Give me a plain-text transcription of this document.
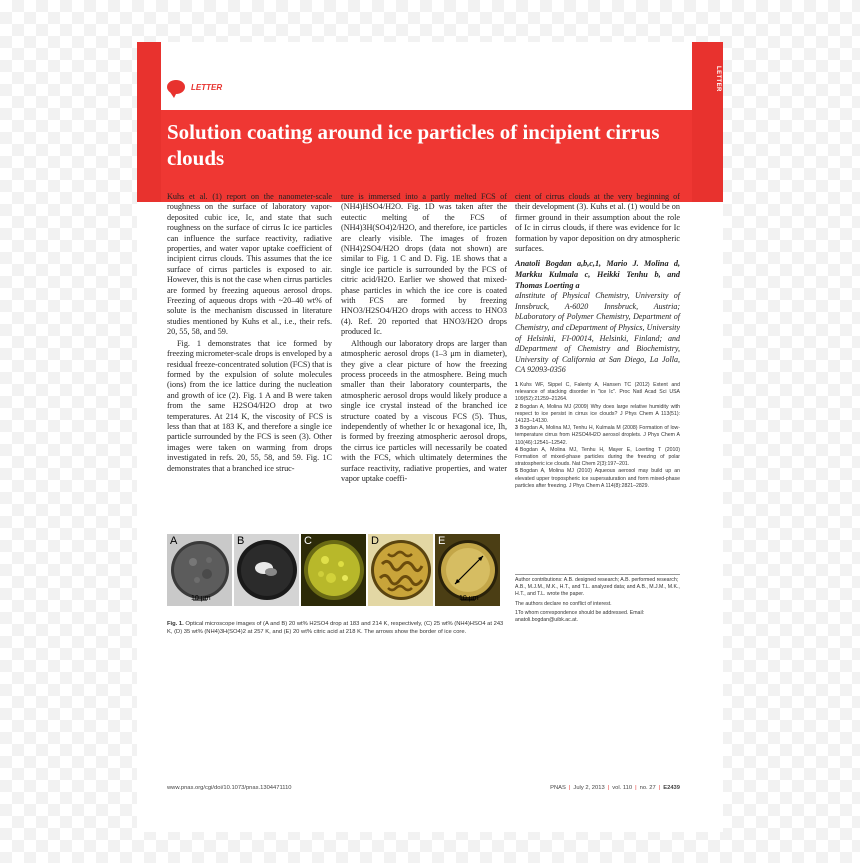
LETTER
LETTER
Solution coating around ice particles of incipient cirrus clouds

Kuhs et al. (1) report on the nanometer-scale roughness on the surface of laboratory vapor-deposited cubic ice, Ic, and state that such roughness on the surface of cirrus Ic ice particles can influence the surface reactivity, radiative properties, and water vapor uptake coefficient of incipient cirrus clouds. This assumes that the ice surface of cirrus particles is exposed to air. However, this is not the case when cirrus particles are formed by freezing aqueous aerosol drops. Freezing of aqueous drops with ~20–40 wt% of solute is the mechanism discussed in literature studies mentioned by Kuhs et al., i.e., their refs. 20, 55, 58, and 59.

Fig. 1 demonstrates that ice formed by freezing micrometer-scale drops is enveloped by a residual freeze-concentrated solution (FCS) that is formed by the expulsion of solute molecules (ions) from the ice lattice during the nucleation and growth of ice (2). Fig. 1 A and B were taken from the same H2SO4/H2O drop at two temperatures. At 214 K, the viscosity of FCS is less than that at 183 K, and therefore a single ice particle surrounded by the FCS is seen (3). Other images were taken on warming from drops investigated in refs. 20, 55, 58, and 59. Fig. 1C demonstrates that a branched ice struc-

ture is immersed into a partly melted FCS of (NH4)HSO4/H2O. Fig. 1D was taken after the eutectic melting of the FCS of (NH4)3H(SO4)2/H2O, and therefore, ice particles are clearly visible. The images of frozen (NH4)2SO4/H2O drops (data not shown) are similar to Fig. 1 C and D. Fig. 1E shows that a single ice particle is surrounded by the FCS of citric acid/H2O. Earlier we showed that mixed-phase particles in which the ice core is coated with FCS are formed by freezing HNO3/H2SO4/H2O drops with access to HNO3 (4). Ref. 20 reported that HNO3/H2O drops produced Ic.

Although our laboratory drops are larger than atmospheric aerosol drops (1–3 μm in diameter), they give a clear picture of how the freezing process proceeds in the atmosphere. Being much smaller than their laboratory counterparts, the atmospheric aerosol drops would likely produce a single ice crystal instead of the branched ice structure coated by a viscous FCS (5). Thus, independently of whether Ic or hexagonal ice, Ih, is formed by freezing atmospheric aerosol drops, the cirrus ice particles will necessarily be coated with the FCS, which ultimately determines the surface reactivity, radiative properties, and water vapor uptake coeffi-

cient of cirrus clouds at the very beginning of their development (3). Kuhs et al. (1) would be on firmer ground in their assumption about the role of Ic in cirrus clouds, if there was evidence for Ic formation by vapor deposition on dry atmospheric surfaces.

Anatoli Bogdan a,b,c,1, Mario J. Molina d, Markku Kulmala c, Heikki Tenhu b, and Thomas Loerting a
aInstitute of Physical Chemistry, University of Innsbruck, A-6020 Innsbruck, Austria; bLaboratory of Polymer Chemistry, Department of Chemistry, and cDepartment of Physics, University of Helsinki, FI-00014, Helsinki, Finland; and dDepartment of Chemistry and Biochemistry, University of California at San Diego, La Jolla, CA 92093-0356
1 Kuhs WF, Sippel C, Falenty A, Hansen TC (2012) Extent and relevance of stacking disorder in "ice Ic". Proc Natl Acad Sci USA 109(52):21259–21264.
2 Bogdan A, Molina MJ (2009) Why does large relative humidity with respect to ice persist in cirrus ice clouds? J Phys Chem A 113(51): 14123–14130.
3 Bogdan A, Molina MJ, Tenhu H, Kulmala M (2008) Formation of low-temperature cirrus from H2SO4/H2O aerosol droplets. J Phys Chem A 110(46):12541–12542.
4 Bogdan A, Molina MJ, Tenhu H, Mayer E, Loerting T (2010) Formation of mixed-phase particles during the freezing of polar stratospheric ice clouds. Nat Chem 2(3):197–201.
5 Bogdan A, Molina MJ (2010) Aqueous aerosol may build up an elevated upper tropospheric ice supersaturation and form mixed-phase particles after freezing. J Phys Chem A 114(8):2821–2829.
A
10 μm
B	C	D	E
10 μm
Fig. 1. Optical microscope images of (A and B) 20 wt% H2SO4 drop at 183 and 214 K, respectively, (C) 25 wt% (NH4)HSO4 at 243 K, (D) 35 wt% (NH4)3H(SO4)2 at 257 K, and (E) 20 wt% citric acid at 218 K. The arrows show the border of ice core.

Author contributions: A.B. designed research; A.B. performed research; A.B., M.J.M., M.K., H.T., and T.L. analyzed data; and A.B., M.J.M., M.K., H.T., and T.L. wrote the paper.

The authors declare no conflict of interest.

1To whom correspondence should be addressed. Email: anatoli.bogdan@uibk.ac.at.

www.pnas.org/cgi/doi/10.1073/pnas.1304471110	PNAS | July 2, 2013 | vol. 110 | no. 27 | E2439
